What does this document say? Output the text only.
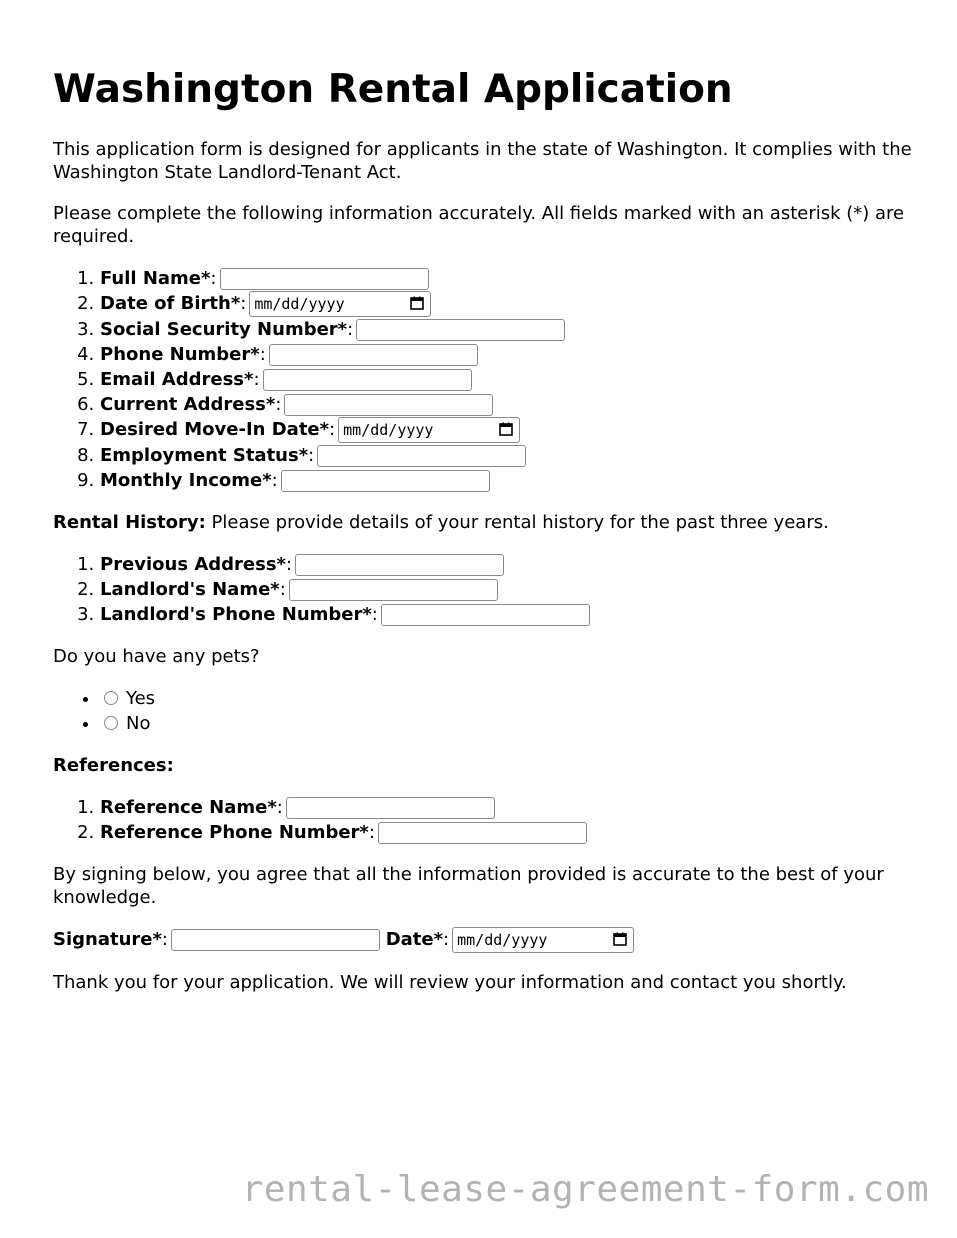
Washington Rental Application

This application form is designed for applicants in the state of Washington. It complies with the Washington State Landlord-Tenant Act.

Please complete the following information accurately. All fields marked with an asterisk (*) are required.

1. Full Name*:
2. Date of Birth*: mm/dd/yyyy
3. Social Security Number*:
4. Phone Number*:
5. Email Address*:
6. Current Address*:
7. Desired Move-In Date*: mm/dd/yyyy
8. Employment Status*:
9. Monthly Income*:

Rental History: Please provide details of your rental history for the past three years.

1. Previous Address*:
2. Landlord's Name*:
3. Landlord's Phone Number*:

Do you have any pets?

• Yes
• No

References:

1. Reference Name*:
2. Reference Phone Number*:

By signing below, you agree that all the information provided is accurate to the best of your knowledge.

Signature*:	Date*: mm/dd/yyyy

Thank you for your application. We will review your information and contact you shortly.

rental-lease-agreement-form.com
